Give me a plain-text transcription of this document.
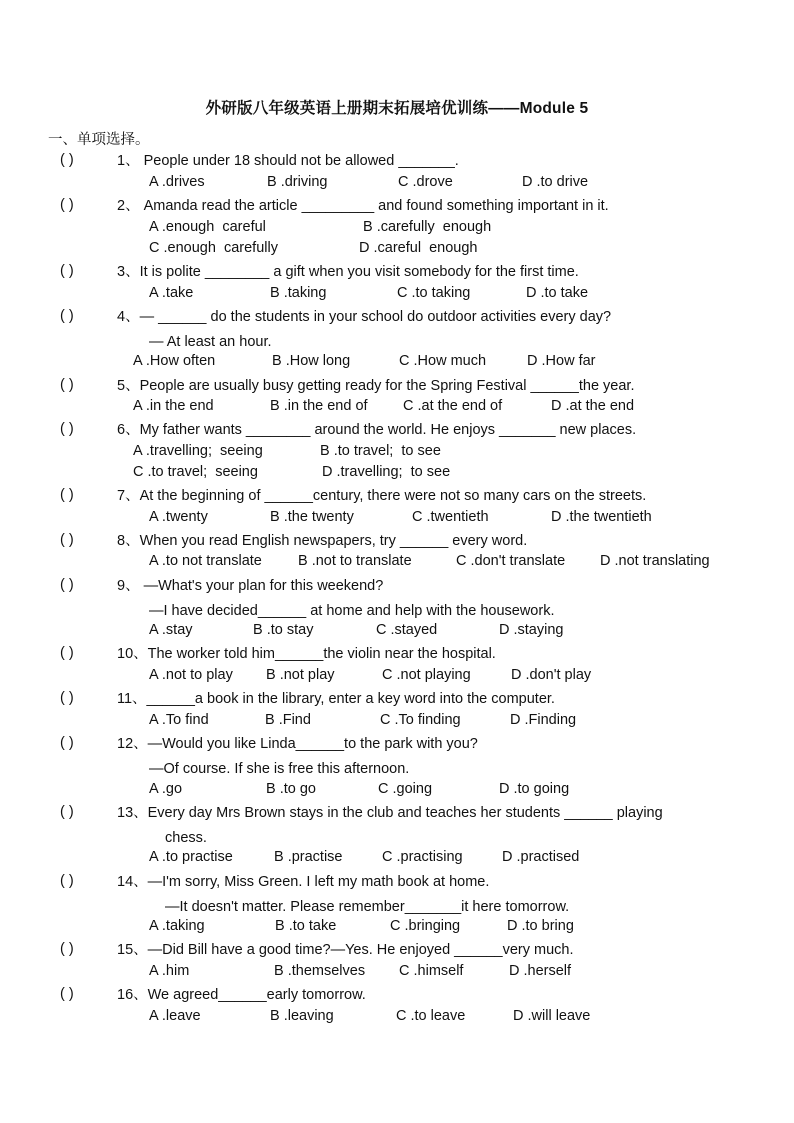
外研版八年级英语上册期末拓展培优训练——Module 5
一、单项选择。
( )	1、 People under 18 should not be allowed _______.
A .drives	B .driving	C .drove	D .to drive
( )	2、 Amanda read the article _________ and found something important in it.
A .enough  careful	B .carefully  enough
C .enough  carefully	D .careful  enough
( )	3、It is polite ________ a gift when you visit somebody for the first time.
A .take	B .taking	C .to taking	D .to take
( )	4、— ______ do the students in your school do outdoor activities every day?
— At least an hour.
A .How often	B .How long	C .How much	D .How far
( )	5、People are usually busy getting ready for the Spring Festival ______the year.
A .in the end	B .in the end of C .at the end of	D .at the end
( )	6、My father wants ________ around the world. He enjoys _______ new places.
A .travelling;  seeing	B .to travel;  to see
C .to travel;  seeing	D .travelling;  to see
( )	7、At the beginning of ______century, there were not so many cars on the streets.
A .twenty	B .the twenty	C .twentieth	D .the twentieth
( )	8、When you read English newspapers, try ______ every word.
A .to not translate B .not to translate	C .don't translate D .not translating
( )	9、 —What's your plan for this weekend?
—I have decided______ at home and help with the housework.
A .stay	B .to stay	C .stayed	D .staying
( )	10、The worker told him______the violin near the hospital.
A .not to play B .not play	C .not playing	D .don't play
( )	11、______a book in the library, enter a key word into the computer.
A .To find	B .Find	C .To finding	D .Finding
( )	12、—Would you like Linda______to the park with you?
—Of course. If she is free this afternoon.
A .go	B .to go	C .going	D .to going
( )	13、Every day Mrs Brown stays in the club and teaches her students ______ playing
chess.
A .to practise	B .practise	C .practising	D .practised
( )	14、—I'm sorry, Miss Green. I left my math book at home.
—It doesn't matter. Please remember_______it here tomorrow.
A .taking	B .to take	C .bringing	D .to bring
( )	15、—Did Bill have a good time?—Yes. He enjoyed ______very much.
A .him	B .themselves C .himself	D .herself
( )	16、We agreed______early tomorrow.
A .leave	B .leaving	C .to leave	D .will leave
